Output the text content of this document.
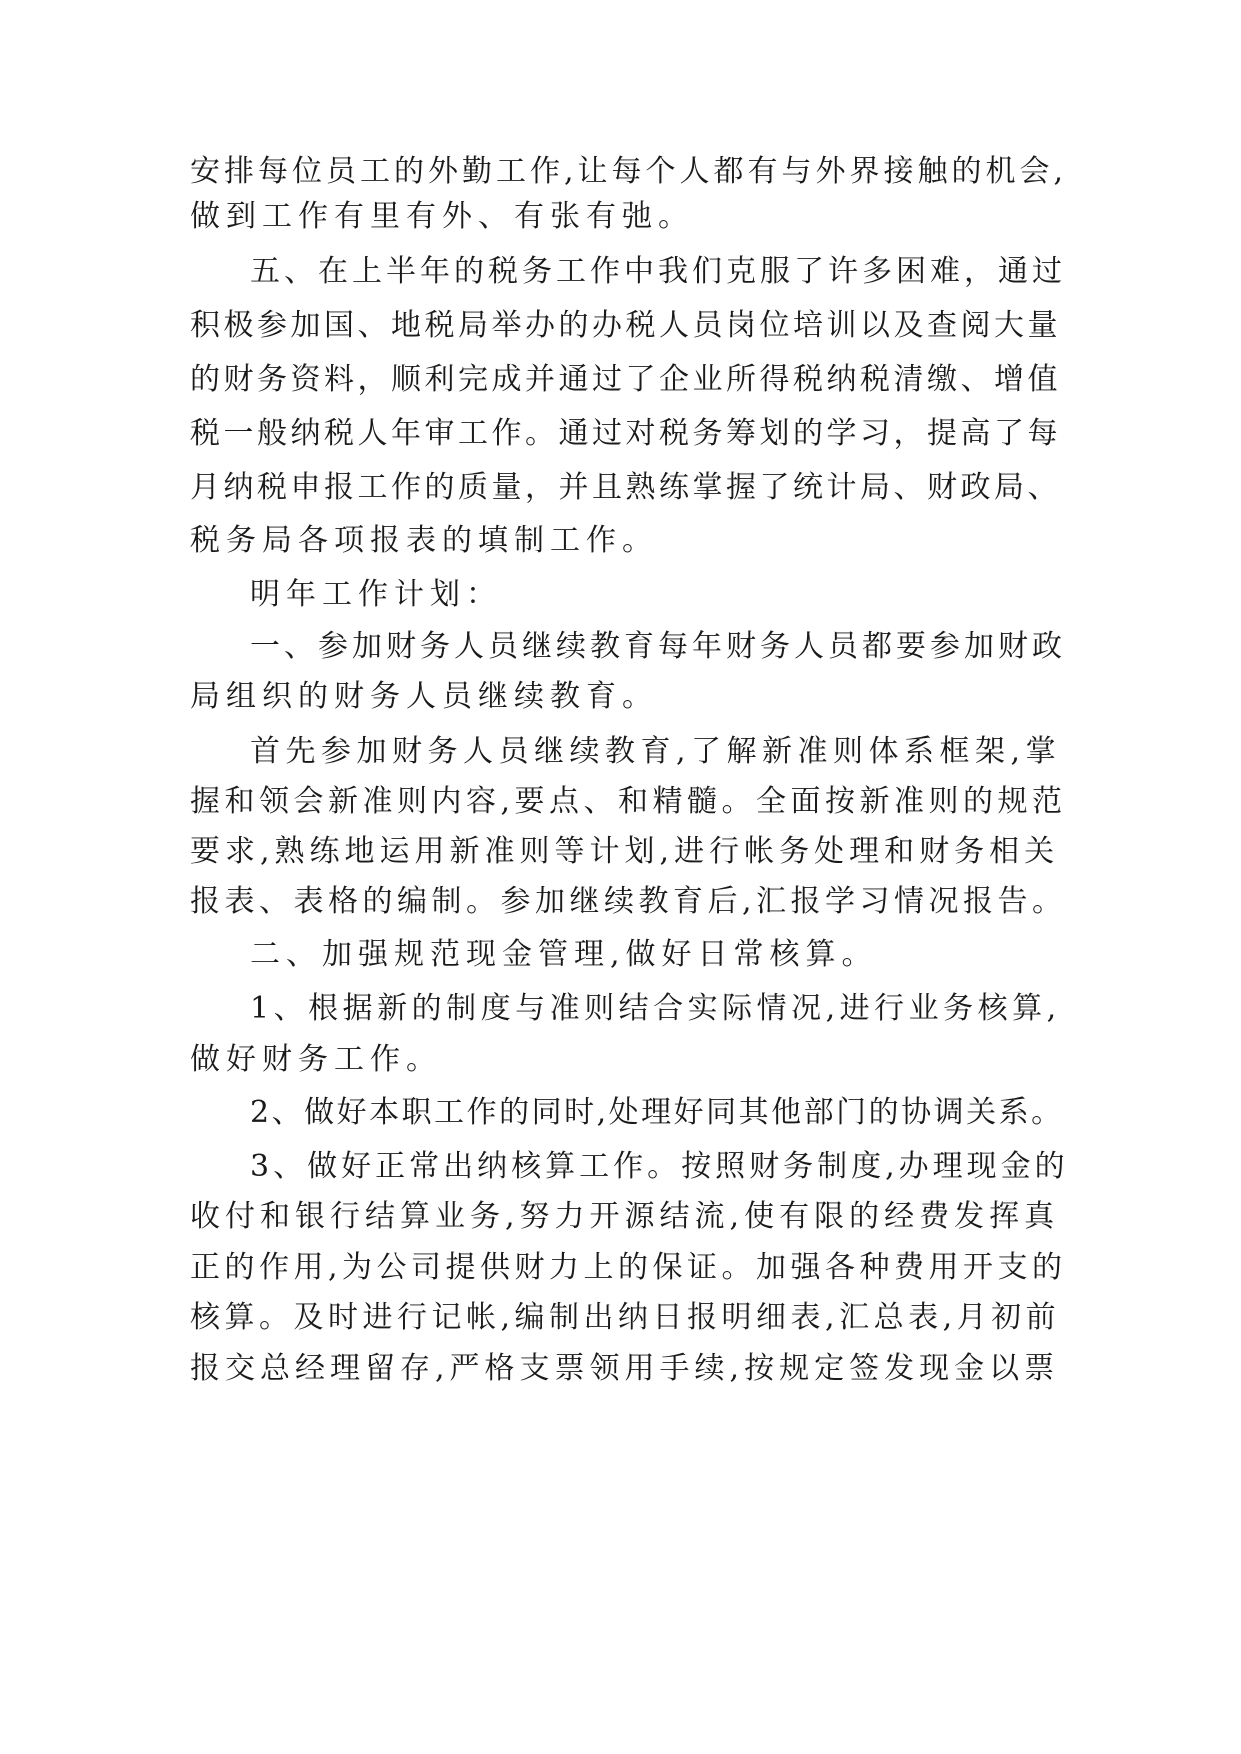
安排每位员工的外勤工作,让每个人都有与外界接触的机会,
做到工作有里有外、有张有弛。
五、在上半年的税务工作中我们克服了许多困难，通过
积极参加国、地税局举办的办税人员岗位培训以及查阅大量
的财务资料，顺利完成并通过了企业所得税纳税清缴、增值
税一般纳税人年审工作。通过对税务筹划的学习，提高了每
月纳税申报工作的质量，并且熟练掌握了统计局、财政局、
税务局各项报表的填制工作。
明年工作计划：
一、参加财务人员继续教育每年财务人员都要参加财政
局组织的财务人员继续教育。
首先参加财务人员继续教育,了解新准则体系框架,掌
握和领会新准则内容,要点、和精髓。全面按新准则的规范
要求,熟练地运用新准则等计划,进行帐务处理和财务相关
报表、表格的编制。参加继续教育后,汇报学习情况报告。
二、加强规范现金管理,做好日常核算。
1、根据新的制度与准则结合实际情况,进行业务核算,
做好财务工作。
2、做好本职工作的同时,处理好同其他部门的协调关系。
3、做好正常出纳核算工作。按照财务制度,办理现金的
收付和银行结算业务,努力开源结流,使有限的经费发挥真
正的作用,为公司提供财力上的保证。加强各种费用开支的
核算。及时进行记帐,编制出纳日报明细表,汇总表,月初前
报交总经理留存,严格支票领用手续,按规定签发现金以票
